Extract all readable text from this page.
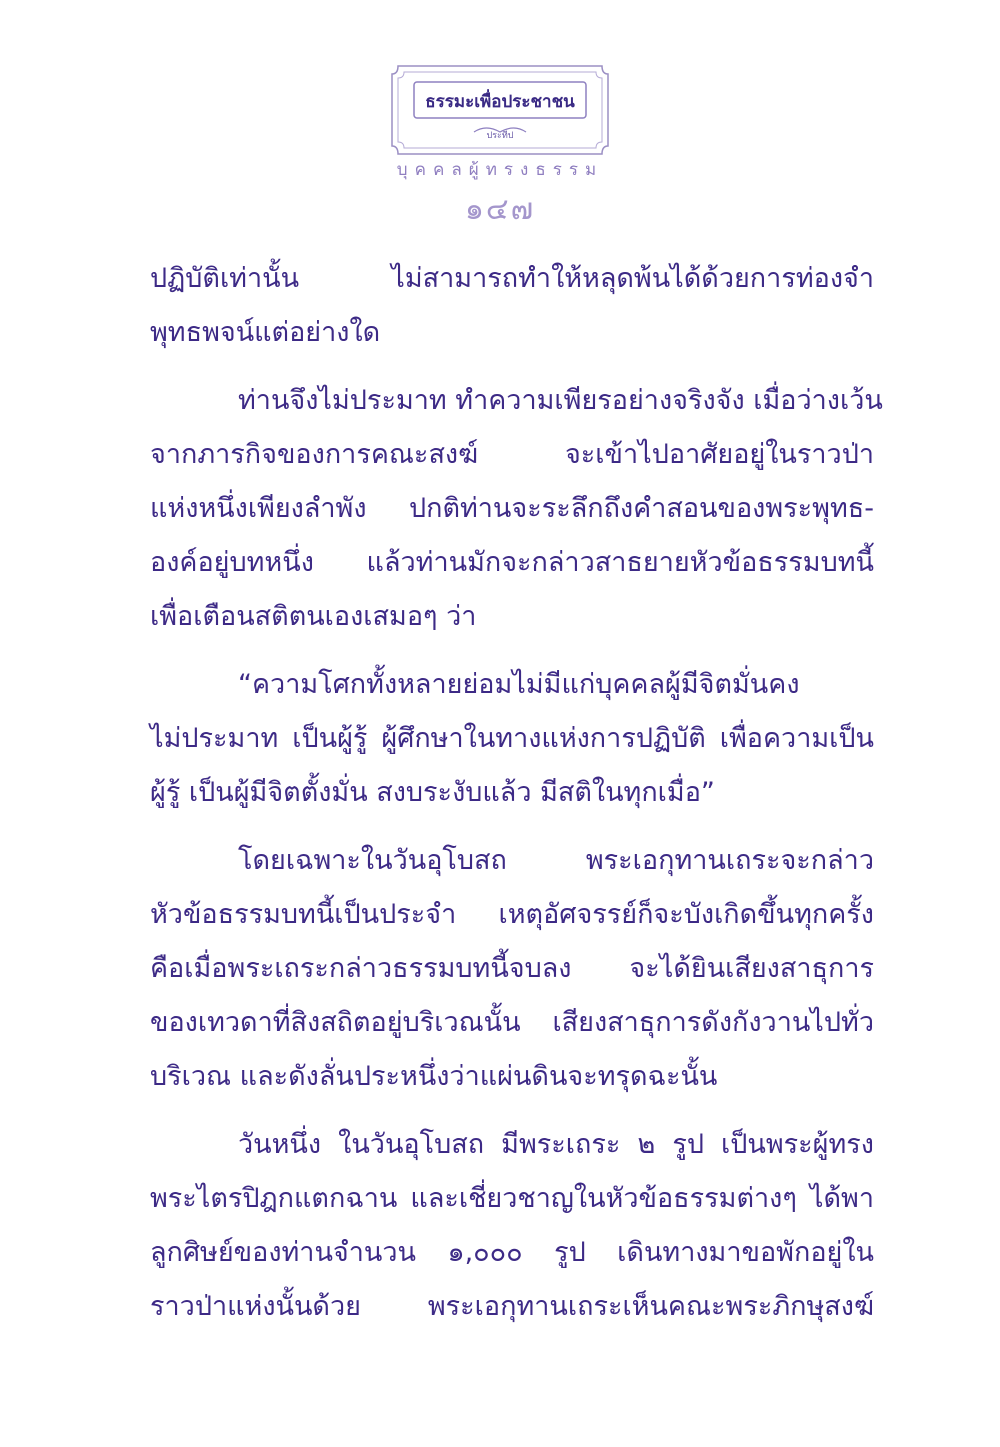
ธรรมะเพื่อประชาชน
ประทีป
บุคคลผู้ทรงธรรม
๑๔๗

ปฏิบัติเท่านั้น ไม่สามารถทำให้หลุดพ้นได้ด้วยการท่องจำ
พุทธพจน์แต่อย่างใด

ท่านจึงไม่ประมาท ทำความเพียรอย่างจริงจัง เมื่อว่างเว้น
จากภารกิจของการคณะสงฆ์ จะเข้าไปอาศัยอยู่ในราวป่า
แห่งหนึ่งเพียงลำพัง ปกติท่านจะระลึกถึงคำสอนของพระพุทธ-
องค์อยู่บทหนึ่ง แล้วท่านมักจะกล่าวสาธยายหัวข้อธรรมบทนี้
เพื่อเตือนสติตนเองเสมอๆ ว่า

“ความโศกทั้งหลายย่อมไม่มีแก่บุคคลผู้มีจิตมั่นคง
ไม่ประมาท เป็นผู้รู้ ผู้ศึกษาในทางแห่งการปฏิบัติ เพื่อความเป็น
ผู้รู้ เป็นผู้มีจิตตั้งมั่น สงบระงับแล้ว มีสติในทุกเมื่อ”

โดยเฉพาะในวันอุโบสถ พระเอกุทานเถระจะกล่าว
หัวข้อธรรมบทนี้เป็นประจำ เหตุอัศจรรย์ก็จะบังเกิดขึ้นทุกครั้ง
คือเมื่อพระเถระกล่าวธรรมบทนี้จบลง จะได้ยินเสียงสาธุการ
ของเทวดาที่สิงสถิตอยู่บริเวณนั้น เสียงสาธุการดังกังวานไปทั่ว
บริเวณ และดังลั่นประหนึ่งว่าแผ่นดินจะทรุดฉะนั้น

วันหนึ่ง ในวันอุโบสถ มีพระเถระ ๒ รูป เป็นพระผู้ทรง
พระไตรปิฎกแตกฉาน และเชี่ยวชาญในหัวข้อธรรมต่างๆ ได้พา
ลูกศิษย์ของท่านจำนวน ๑,๐๐๐ รูป เดินทางมาขอพักอยู่ใน
ราวป่าแห่งนั้นด้วย พระเอกุทานเถระเห็นคณะพระภิกษุสงฆ์
